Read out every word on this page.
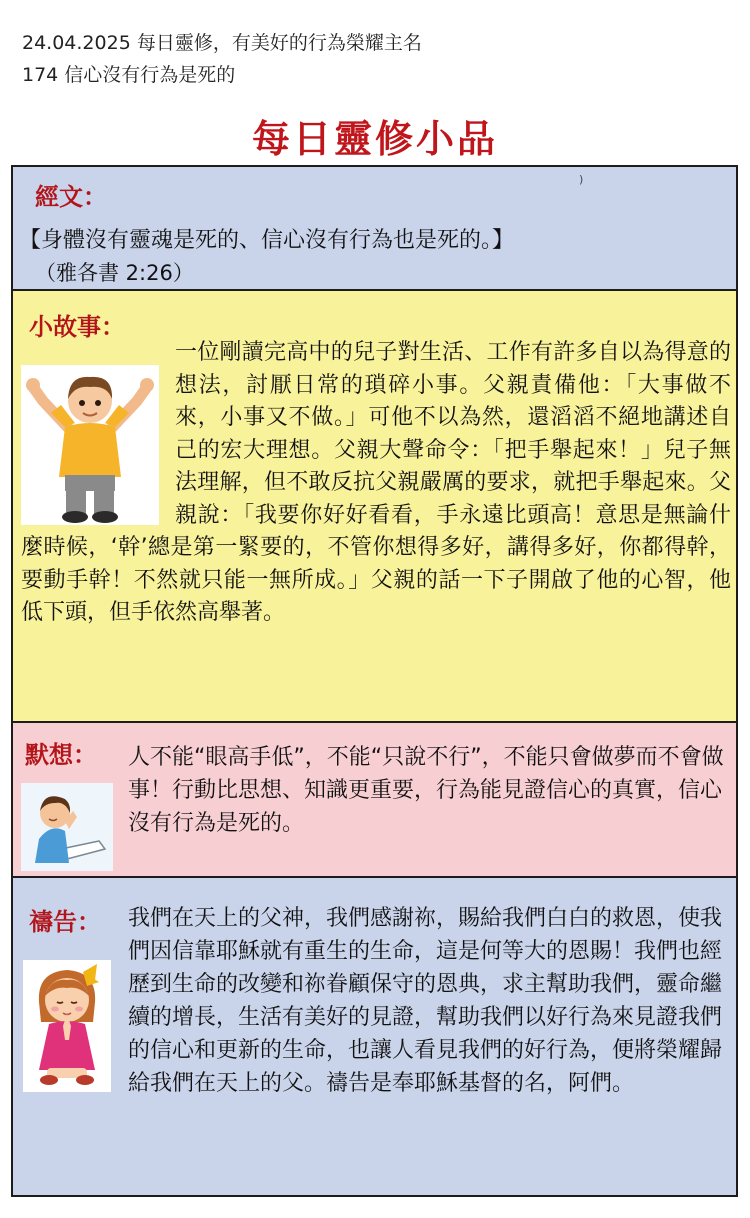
24.04.2025 每日靈修，有美好的行為榮耀主名
174 信心沒有行為是死的
每日靈修小品
經文：
)
【身體沒有靈魂是死的、信心沒有行為也是死的。】
（雅各書 2:26）
小故事：
一位剛讀完高中的兒子對生活、工作有許多自以為得意的想法，討厭日常的瑣碎小事。父親責備他：「大事做不來，小事又不做。」可他不以為然，還滔滔不絕地講述自己的宏大理想。父親大聲命令：「把手舉起來！」兒子無法理解，但不敢反抗父親嚴厲的要求，就把手舉起來。父親說：「我要你好好看看，手永遠比頭高！意思是無論什麼時候，‘幹’總是第一緊要的，不管你想得多好，講得多好，你都得幹，要動手幹！不然就只能一無所成。」父親的話一下子開啟了他的心智，他低下頭，但手依然高舉著。
默想： 人不能“眼高手低”，不能“只說不行”，不能只會做夢而不會做事！行動比思想、知識更重要，行為能見證信心的真實，信心沒有行為是死的。
禱告： 我們在天上的父神，我們感謝祢，賜給我們白白的救恩，使我們因信靠耶穌就有重生的生命，這是何等大的恩賜！我們也經歷到生命的改變和祢眷顧保守的恩典，求主幫助我們，靈命繼續的增長，生活有美好的見證，幫助我們以好行為來見證我們的信心和更新的生命，也讓人看見我們的好行為，便將榮耀歸給我們在天上的父。禱告是奉耶穌基督的名，阿們。
